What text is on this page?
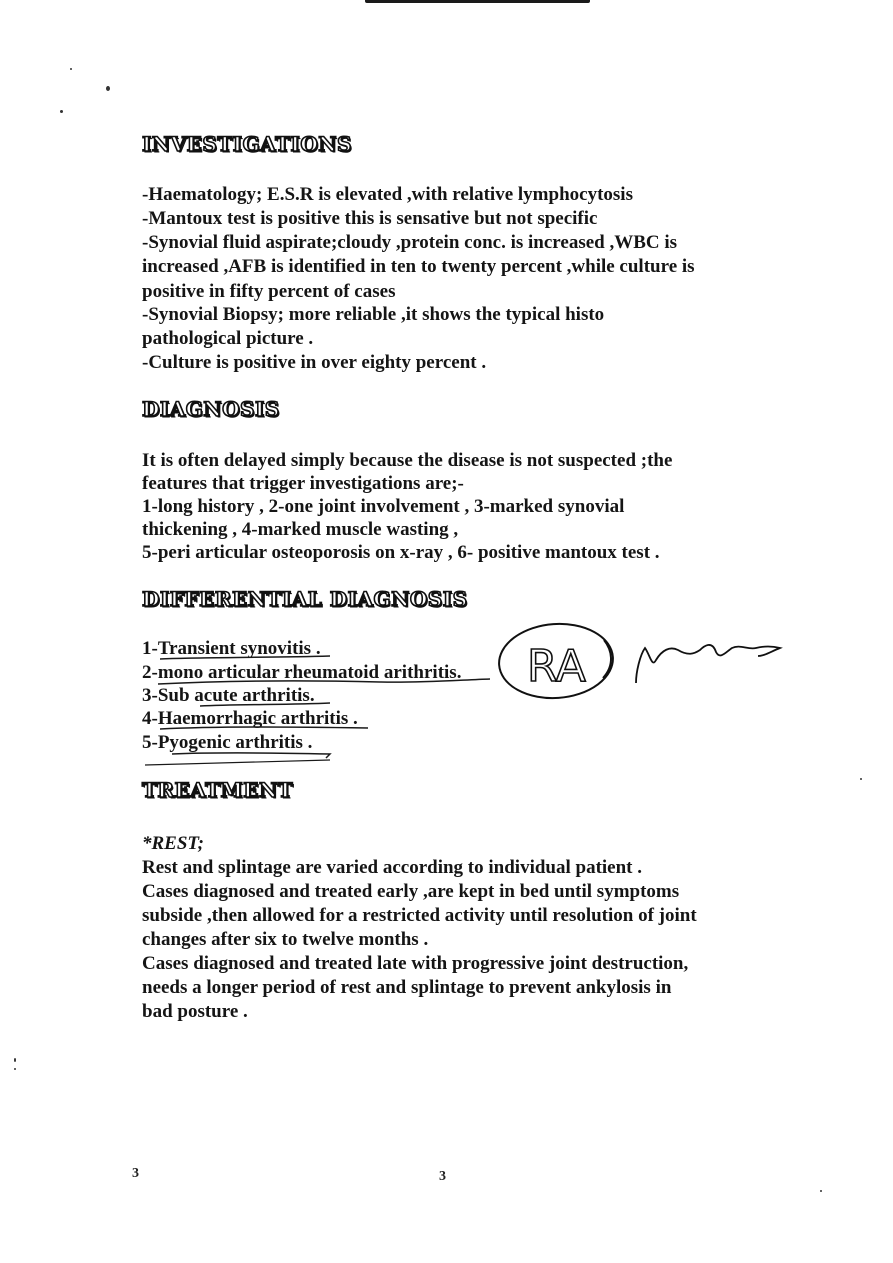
INVESTIGATIONS
-Haematology; E.S.R is elevated ,with relative lymphocytosis
-Mantoux test is positive this is sensative but not specific
-Synovial fluid aspirate;cloudy ,protein conc. is increased ,WBC is
increased ,AFB is identified in ten to twenty percent ,while culture is
positive in fifty percent of cases
-Synovial Biopsy; more reliable ,it shows the typical histo
pathological picture .
-Culture is positive in over eighty percent .
DIAGNOSIS
It is often delayed simply because the disease is not suspected ;the
features that trigger investigations are;-
1-long history , 2-one joint involvement , 3-marked synovial
thickening , 4-marked muscle wasting ,
5-peri articular osteoporosis on x-ray , 6- positive mantoux test .
DIFFERENTIAL DIAGNOSIS
1-Transient synovitis .
2-mono articular rheumatoid arithritis.
3-Sub acute arthritis.
4-Haemorrhagic arthritis .
5-Pyogenic arthritis .
TREATMENT
*REST;
Rest and splintage are varied according to individual patient .
Cases diagnosed and treated early ,are kept in bed until symptoms
subside ,then allowed for a restricted activity until resolution of joint
changes after six to twelve months .
Cases diagnosed and treated late with progressive joint destruction,
needs a longer period of rest and splintage to prevent ankylosis in
bad posture .
3	3
RA
